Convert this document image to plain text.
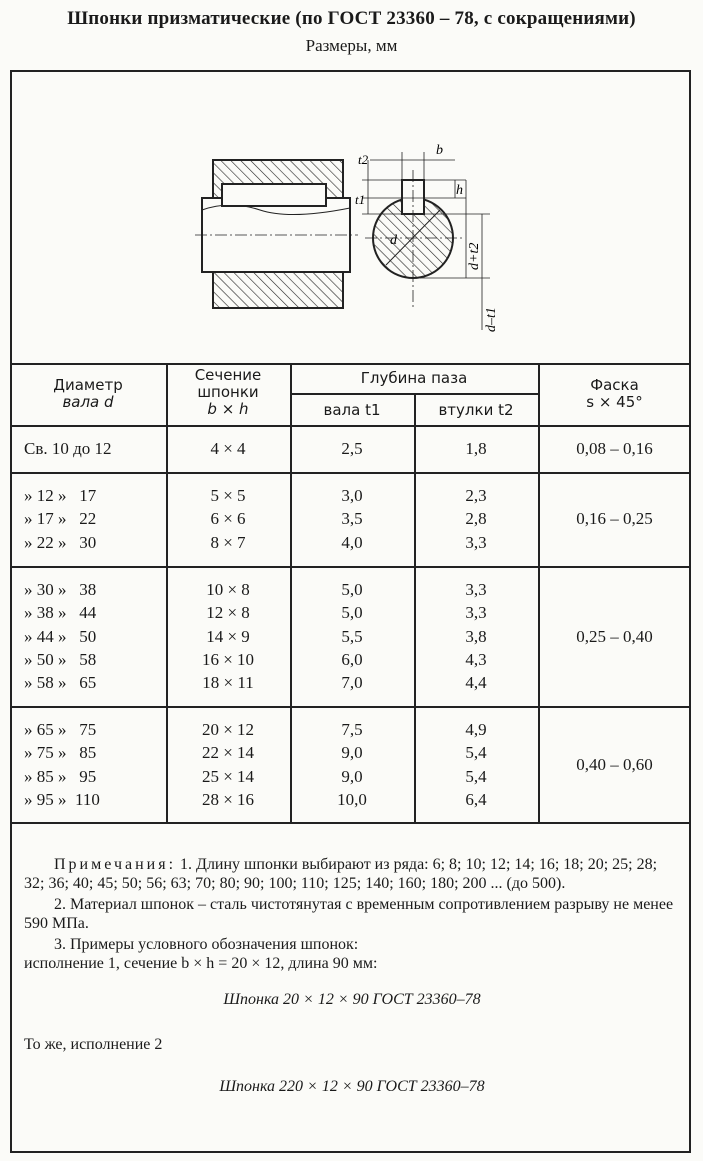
Шпонки призматические (по ГОСТ 23360 – 78, с сокращениями)
Размеры, мм
t2
b
t1
h
d
d+t2
d–t1
Диаметр
вала d
Сечение
шпонки
b × h
Глубина паза
вала t1	втулки t2
Фаска
s × 45°
Св. 10 до 12	4 × 4	2,5	1,8	0,08 – 0,16
» 12 »   17	5 × 5	3,0	2,3
» 17 »   22	6 × 6	3,5	2,8
» 22 »   30	8 × 7	4,0	3,3
0,16 – 0,25
» 30 »   38	10 × 8	5,0	3,3
» 38 »   44	12 × 8	5,0	3,3
» 44 »   50	14 × 9	5,5	3,8
» 50 »   58	16 × 10	6,0	4,3
» 58 »   65	18 × 11	7,0	4,4
0,25 – 0,40
» 65 »   75	20 × 12	7,5	4,9
» 75 »   85	22 × 14	9,0	5,4
» 85 »   95	25 × 14	9,0	5,4
» 95 »  110	28 × 16	10,0	6,4
0,40 – 0,60

Примечания: 1. Длину шпонки выбирают из ряда: 6; 8; 10; 12; 14; 16; 18; 20; 25; 28; 32; 36; 40; 45; 50; 56; 63; 70; 80; 90; 100; 110; 125; 140; 160; 180; 200 ... (до 500).

2. Материал шпонок – сталь чистотянутая с временным сопротивлением разрыву не менее 590 МПа.

3. Примеры условного обозначения шпонок:

исполнение 1, сечение b × h = 20 × 12, длина 90 мм:

Шпонка 20 × 12 × 90 ГОСТ 23360–78

То же, исполнение 2

Шпонка 220 × 12 × 90 ГОСТ 23360–78
